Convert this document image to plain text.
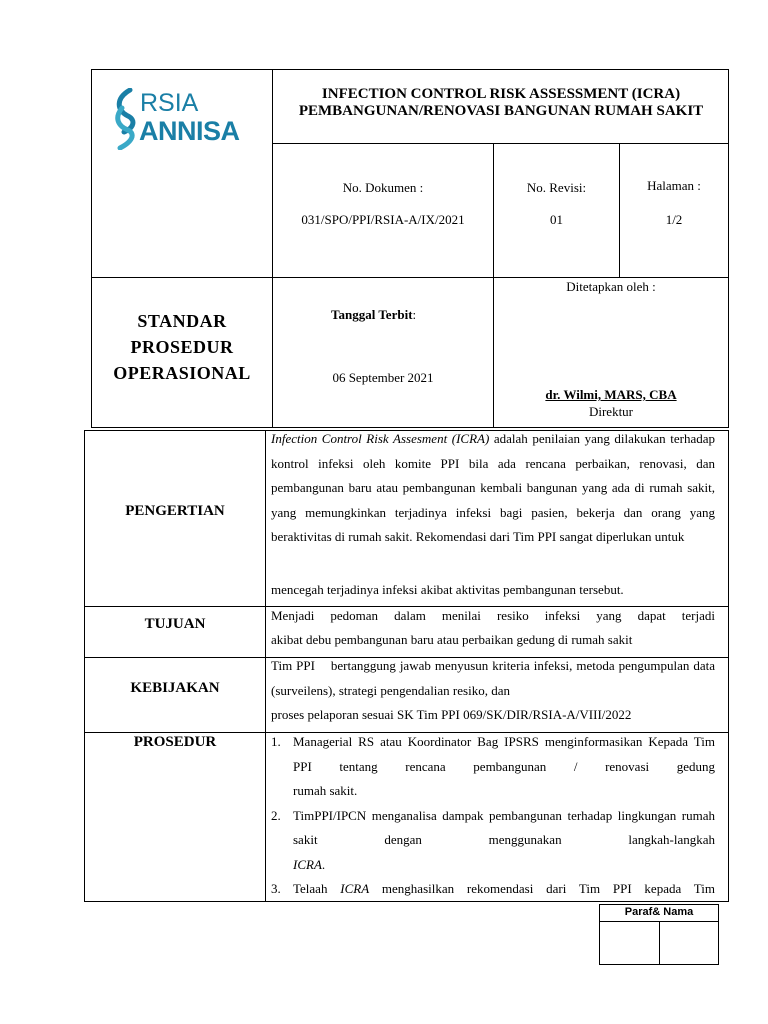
RSIA
ANNISA
INFECTION CONTROL RISK ASSESSMENT (ICRA) PEMBANGUNAN/RENOVASI BANGUNAN RUMAH SAKIT
No. Dokumen :
031/SPO/PPI/RSIA-A/IX/2021
No. Revisi:
01
Halaman :
1/2
STANDAR PROSEDUR OPERASIONAL
Tanggal Terbit:
06 September 2021
Ditetapkan oleh :
dr. Wilmi, MARS, CBA
Direktur
PENGERTIAN
Infection Control Risk Assesment (ICRA) adalah penilaian yang dilakukan terhadap kontrol infeksi oleh komite PPI bila ada rencana perbaikan, renovasi, dan pembangunan baru atau pembangunan kembali bangunan yang ada di rumah sakit, yang memungkinkan terjadinya infeksi bagi pasien, bekerja dan orang yang beraktivitas di rumah sakit. Rekomendasi dari Tim PPI sangat diperlukan untuk
mencegah terjadinya infeksi akibat aktivitas pembangunan tersebut.
TUJUAN
Menjadi pedoman dalam menilai resiko infeksi yang dapat terjadi
akibat debu pembangunan baru atau perbaikan gedung di rumah sakit
KEBIJAKAN
Tim PPI    bertanggung jawab menyusun kriteria infeksi, metoda pengumpulan data (surveilens), strategi pengendalian resiko, dan
proses pelaporan sesuai SK Tim PPI 069/SK/DIR/RSIA-A/VIII/2022
PROSEDUR	1. Managerial RS atau Koordinator Bag IPSRS menginformasikan Kepada Tim PPI tentang rencana pembangunan / renovasi gedung
rumah sakit.
2. TimPPI/IPCN menganalisa dampak pembangunan terhadap lingkungan rumah sakit dengan menggunakan langkah-langkah
ICRA.
3. Telaah ICRA menghasilkan rekomendasi dari Tim PPI kepada Tim
Paraf& Nama
